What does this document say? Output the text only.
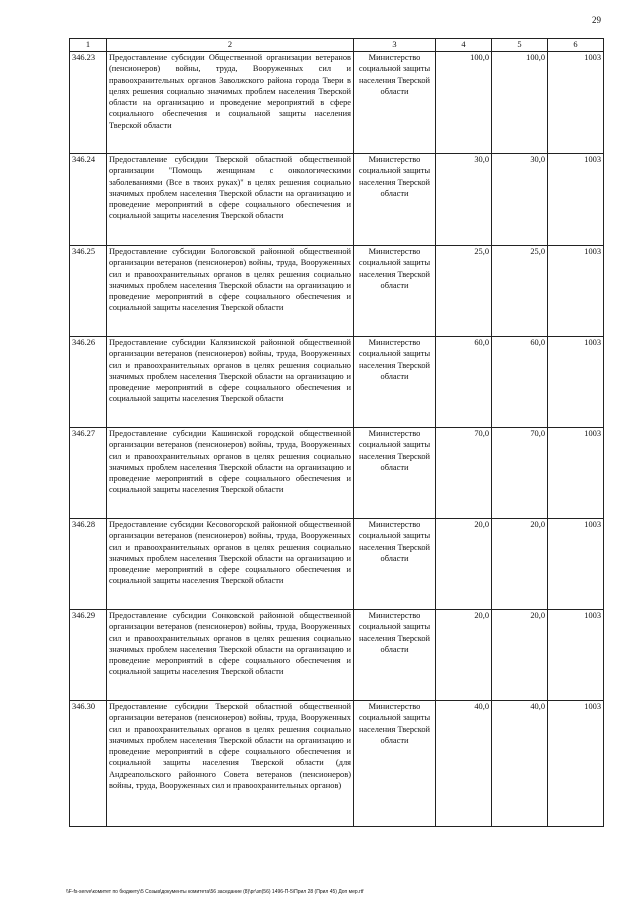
29
1	2	3	4	5	6
346.23	Предоставление субсидии Общественной организации ветеранов (пенсионеров) войны, труда, Вооруженных сил и правоохранительных органов Заволжского района города Твери в целях решения социально значимых проблем населения Тверской области на организацию и проведение мероприятий в сфере социального обеспечения и социальной защиты населения Тверской области	Министерство социальной защиты населения Тверской области	100,0	100,0	1003
346.24	Предоставление субсидии Тверской областной общественной организации "Помощь женщинам с онкологическими заболеваниями (Все в твоих руках)" в целях решения социально значимых проблем населения Тверской области на организацию и проведение мероприятий в сфере социального обеспечения и социальной защиты населения Тверской области	Министерство социальной защиты населения Тверской области	30,0	30,0	1003
346.25	Предоставление субсидии Бологовской районной общественной организации ветеранов (пенсионеров) войны, труда, Вооруженных сил и правоохранительных органов в целях решения социально значимых проблем населения Тверской области на организацию и проведение мероприятий в сфере социального обеспечения и социальной защиты населения Тверской области	Министерство социальной защиты населения Тверской области	25,0	25,0	1003
346.26	Предоставление субсидии Калязинской районной общественной организации ветеранов (пенсионеров) войны, труда, Вооруженных сил и правоохранительных органов в целях решения социально значимых проблем населения Тверской области на организацию и проведение мероприятий в сфере социального обеспечения и социальной защиты населения Тверской области	Министерство социальной защиты населения Тверской области	60,0	60,0	1003
346.27	Предоставление субсидии Кашинской городской общественной организации ветеранов (пенсионеров) войны, труда, Вооруженных сил и правоохранительных органов в целях решения социально значимых проблем населения Тверской области на организацию и проведение мероприятий в сфере социального обеспечения и социальной защиты населения Тверской области	Министерство социальной защиты населения Тверской области	70,0	70,0	1003
346.28	Предоставление субсидии Кесовогорской районной общественной организации ветеранов (пенсионеров) войны, труда, Вооруженных сил и правоохранительных органов в целях решения социально значимых проблем населения Тверской области на организацию и проведение мероприятий в сфере социального обеспечения и социальной защиты населения Тверской области	Министерство социальной защиты населения Тверской области	20,0	20,0	1003
346.29	Предоставление субсидии Сонковской районной общественной организации ветеранов (пенсионеров) войны, труда, Вооруженных сил и правоохранительных органов в целях решения социально значимых проблем населения Тверской области на организацию и проведение мероприятий в сфере социального обеспечения и социальной защиты населения Тверской области	Министерство социальной защиты населения Тверской области	20,0	20,0	1003
346.30	Предоставление субсидии Тверской областной общественной организации ветеранов (пенсионеров) войны, труда, Вооруженных сил и правоохранительных органов в целях решения социально значимых проблем населения Тверской области на организацию и проведение мероприятий в сфере социального обеспечения и социальной защиты населения Тверской области (для Андреапольского районного Совета ветеранов (пенсионеров) войны, труда, Вооруженных сил и правоохранительных органов)	Министерство социальной защиты населения Тверской области	40,0	40,0	1003
\\F-fs-serve\комитет по бюджету\5 Созыв\документы комитета\56 заседание (8)\рг\зп(56) 1496-П-5\Прил 28 (Прил 45) Доп мер.rtf
